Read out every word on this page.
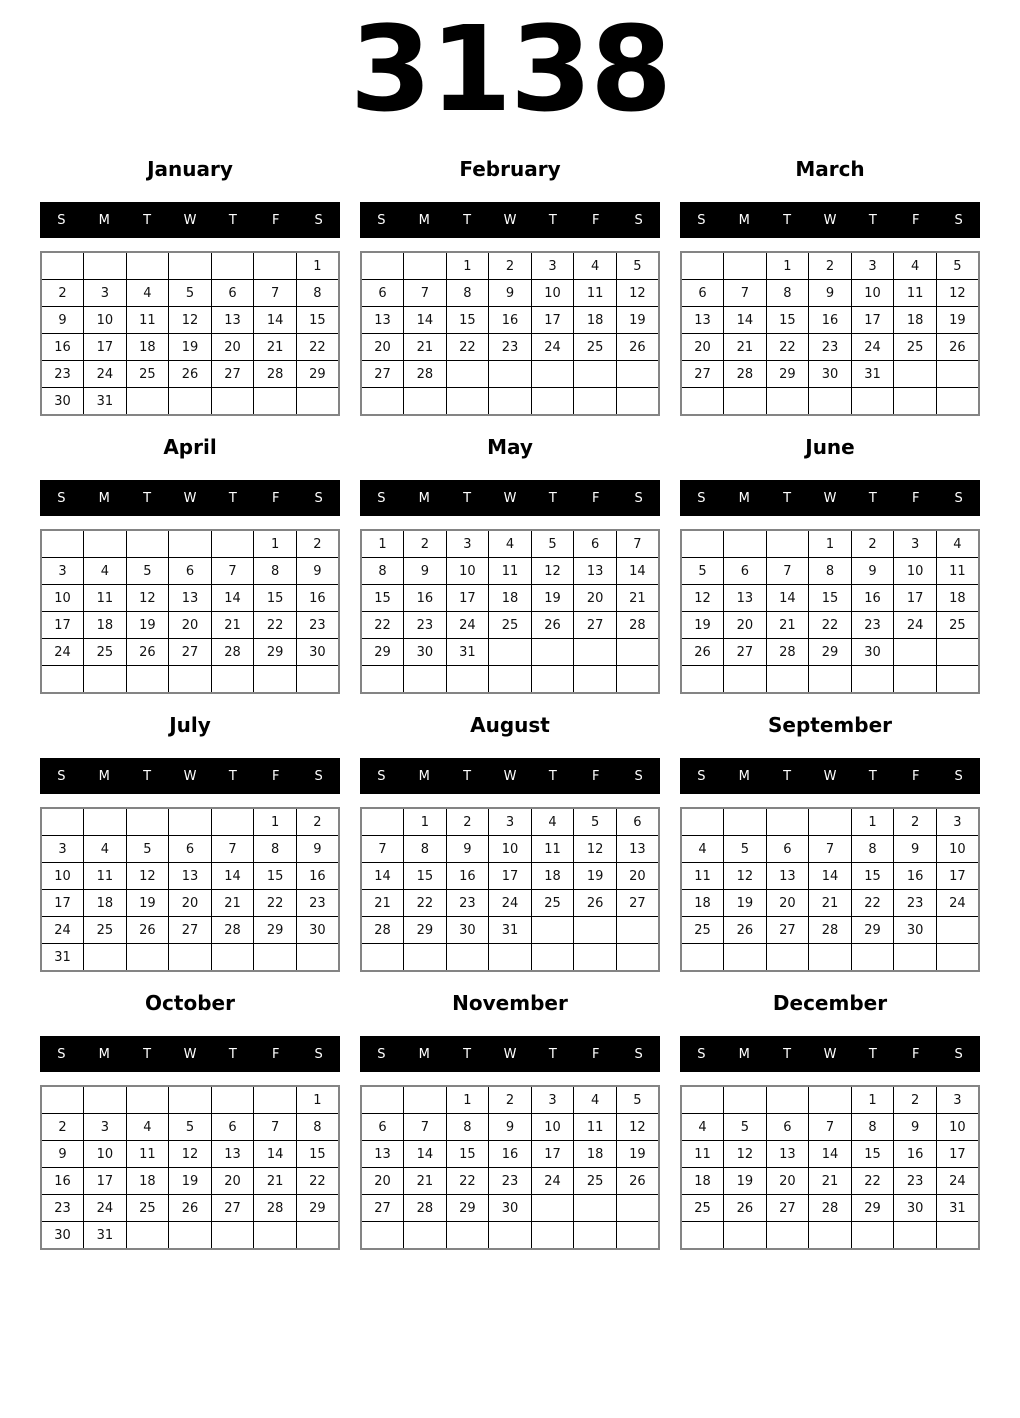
3138
January
S	M	T	W	T	F	S
						1
2	3	4	5	6	7	8
9	10	11	12	13	14	15
16	17	18	19	20	21	22
23	24	25	26	27	28	29
30	31					
February
S	M	T	W	T	F	S
		1	2	3	4	5
6	7	8	9	10	11	12
13	14	15	16	17	18	19
20	21	22	23	24	25	26
27	28					

March
S	M	T	W	T	F	S
		1	2	3	4	5
6	7	8	9	10	11	12
13	14	15	16	17	18	19
20	21	22	23	24	25	26
27	28	29	30	31		

April
S	M	T	W	T	F	S
					1	2
3	4	5	6	7	8	9
10	11	12	13	14	15	16
17	18	19	20	21	22	23
24	25	26	27	28	29	30

May
S	M	T	W	T	F	S
1	2	3	4	5	6	7
8	9	10	11	12	13	14
15	16	17	18	19	20	21
22	23	24	25	26	27	28
29	30	31				

June
S	M	T	W	T	F	S
			1	2	3	4
5	6	7	8	9	10	11
12	13	14	15	16	17	18
19	20	21	22	23	24	25
26	27	28	29	30		

July
S	M	T	W	T	F	S
					1	2
3	4	5	6	7	8	9
10	11	12	13	14	15	16
17	18	19	20	21	22	23
24	25	26	27	28	29	30
31						
August
S	M	T	W	T	F	S
	1	2	3	4	5	6
7	8	9	10	11	12	13
14	15	16	17	18	19	20
21	22	23	24	25	26	27
28	29	30	31			

September
S	M	T	W	T	F	S
				1	2	3
4	5	6	7	8	9	10
11	12	13	14	15	16	17
18	19	20	21	22	23	24
25	26	27	28	29	30	

October
S	M	T	W	T	F	S
						1
2	3	4	5	6	7	8
9	10	11	12	13	14	15
16	17	18	19	20	21	22
23	24	25	26	27	28	29
30	31					
November
S	M	T	W	T	F	S
		1	2	3	4	5
6	7	8	9	10	11	12
13	14	15	16	17	18	19
20	21	22	23	24	25	26
27	28	29	30			

December
S	M	T	W	T	F	S
				1	2	3
4	5	6	7	8	9	10
11	12	13	14	15	16	17
18	19	20	21	22	23	24
25	26	27	28	29	30	31
